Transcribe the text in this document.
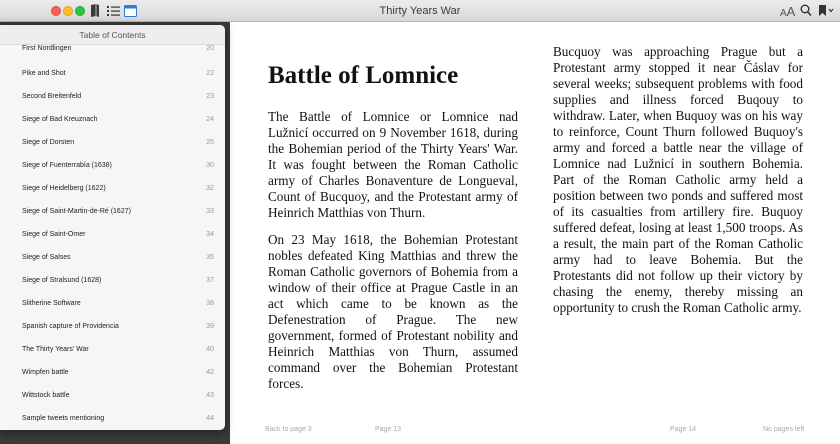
Thirty Years War	AA
Battle of Lomnice

The Battle of Lomnice or Lomnice nad Lužnicí occurred on 9 November 1618, during the Bohemian period of the Thirty Years' War. It was fought between the Roman Catholic army of Charles Bonaventure de Longueval, Count of Bucquoy, and the Protestant army of Heinrich Matthias von Thurn.

On 23 May 1618, the Bohemian Protestant nobles defeated King Matthias and threw the Roman Catholic governors of Bohemia from a window of their office at Prague Castle in an act which came to be known as the Defenestration of Prague. The new government, formed of Protestant nobility and Heinrich Matthias von Thurn, assumed command over the Bohemian Protestant forces.

Bucquoy was approaching Prague but a Protestant army stopped it near Čáslav for several weeks; subsequent problems with food supplies and illness forced Buqouy to withdraw. Later, when Buquoy was on his way to reinforce, Count Thurn followed Buquoy's army and forced a battle near the village of Lomnice nad Lužnicí in southern Bohemia. Part of the Roman Catholic army held a position between two ponds and suffered most of its casualties from artillery fire. Buquoy suffered defeat, losing at least 1,500 troops. As a result, the main part of the Roman Catholic army had to leave Bohemia. But the Protestants did not follow up their victory by chasing the enemy, thereby missing an opportunity to crush the Roman Catholic army.

Back to page 3	Page 13	Page 14	No pages left
Table of Contents
First Nordlingen	20
Pike and Shot	22
Second Breitenfeld	23
Siege of Bad Kreuznach	24
Siege of Dorsten	25
Siege of Fuenterrabía (1638)	30
Siege of Heidelberg (1622)	32
Siege of Saint-Martin-de-Ré (1627)	33
Siege of Saint-Omer	34
Siege of Salses	35
Siege of Stralsund (1628)	37
Slitherine Software	38
Spanish capture of Providencia	39
The Thirty Years' War	40
Wimpfen battle	42
Wittstock battle	43
Sample tweets mentioning	44
